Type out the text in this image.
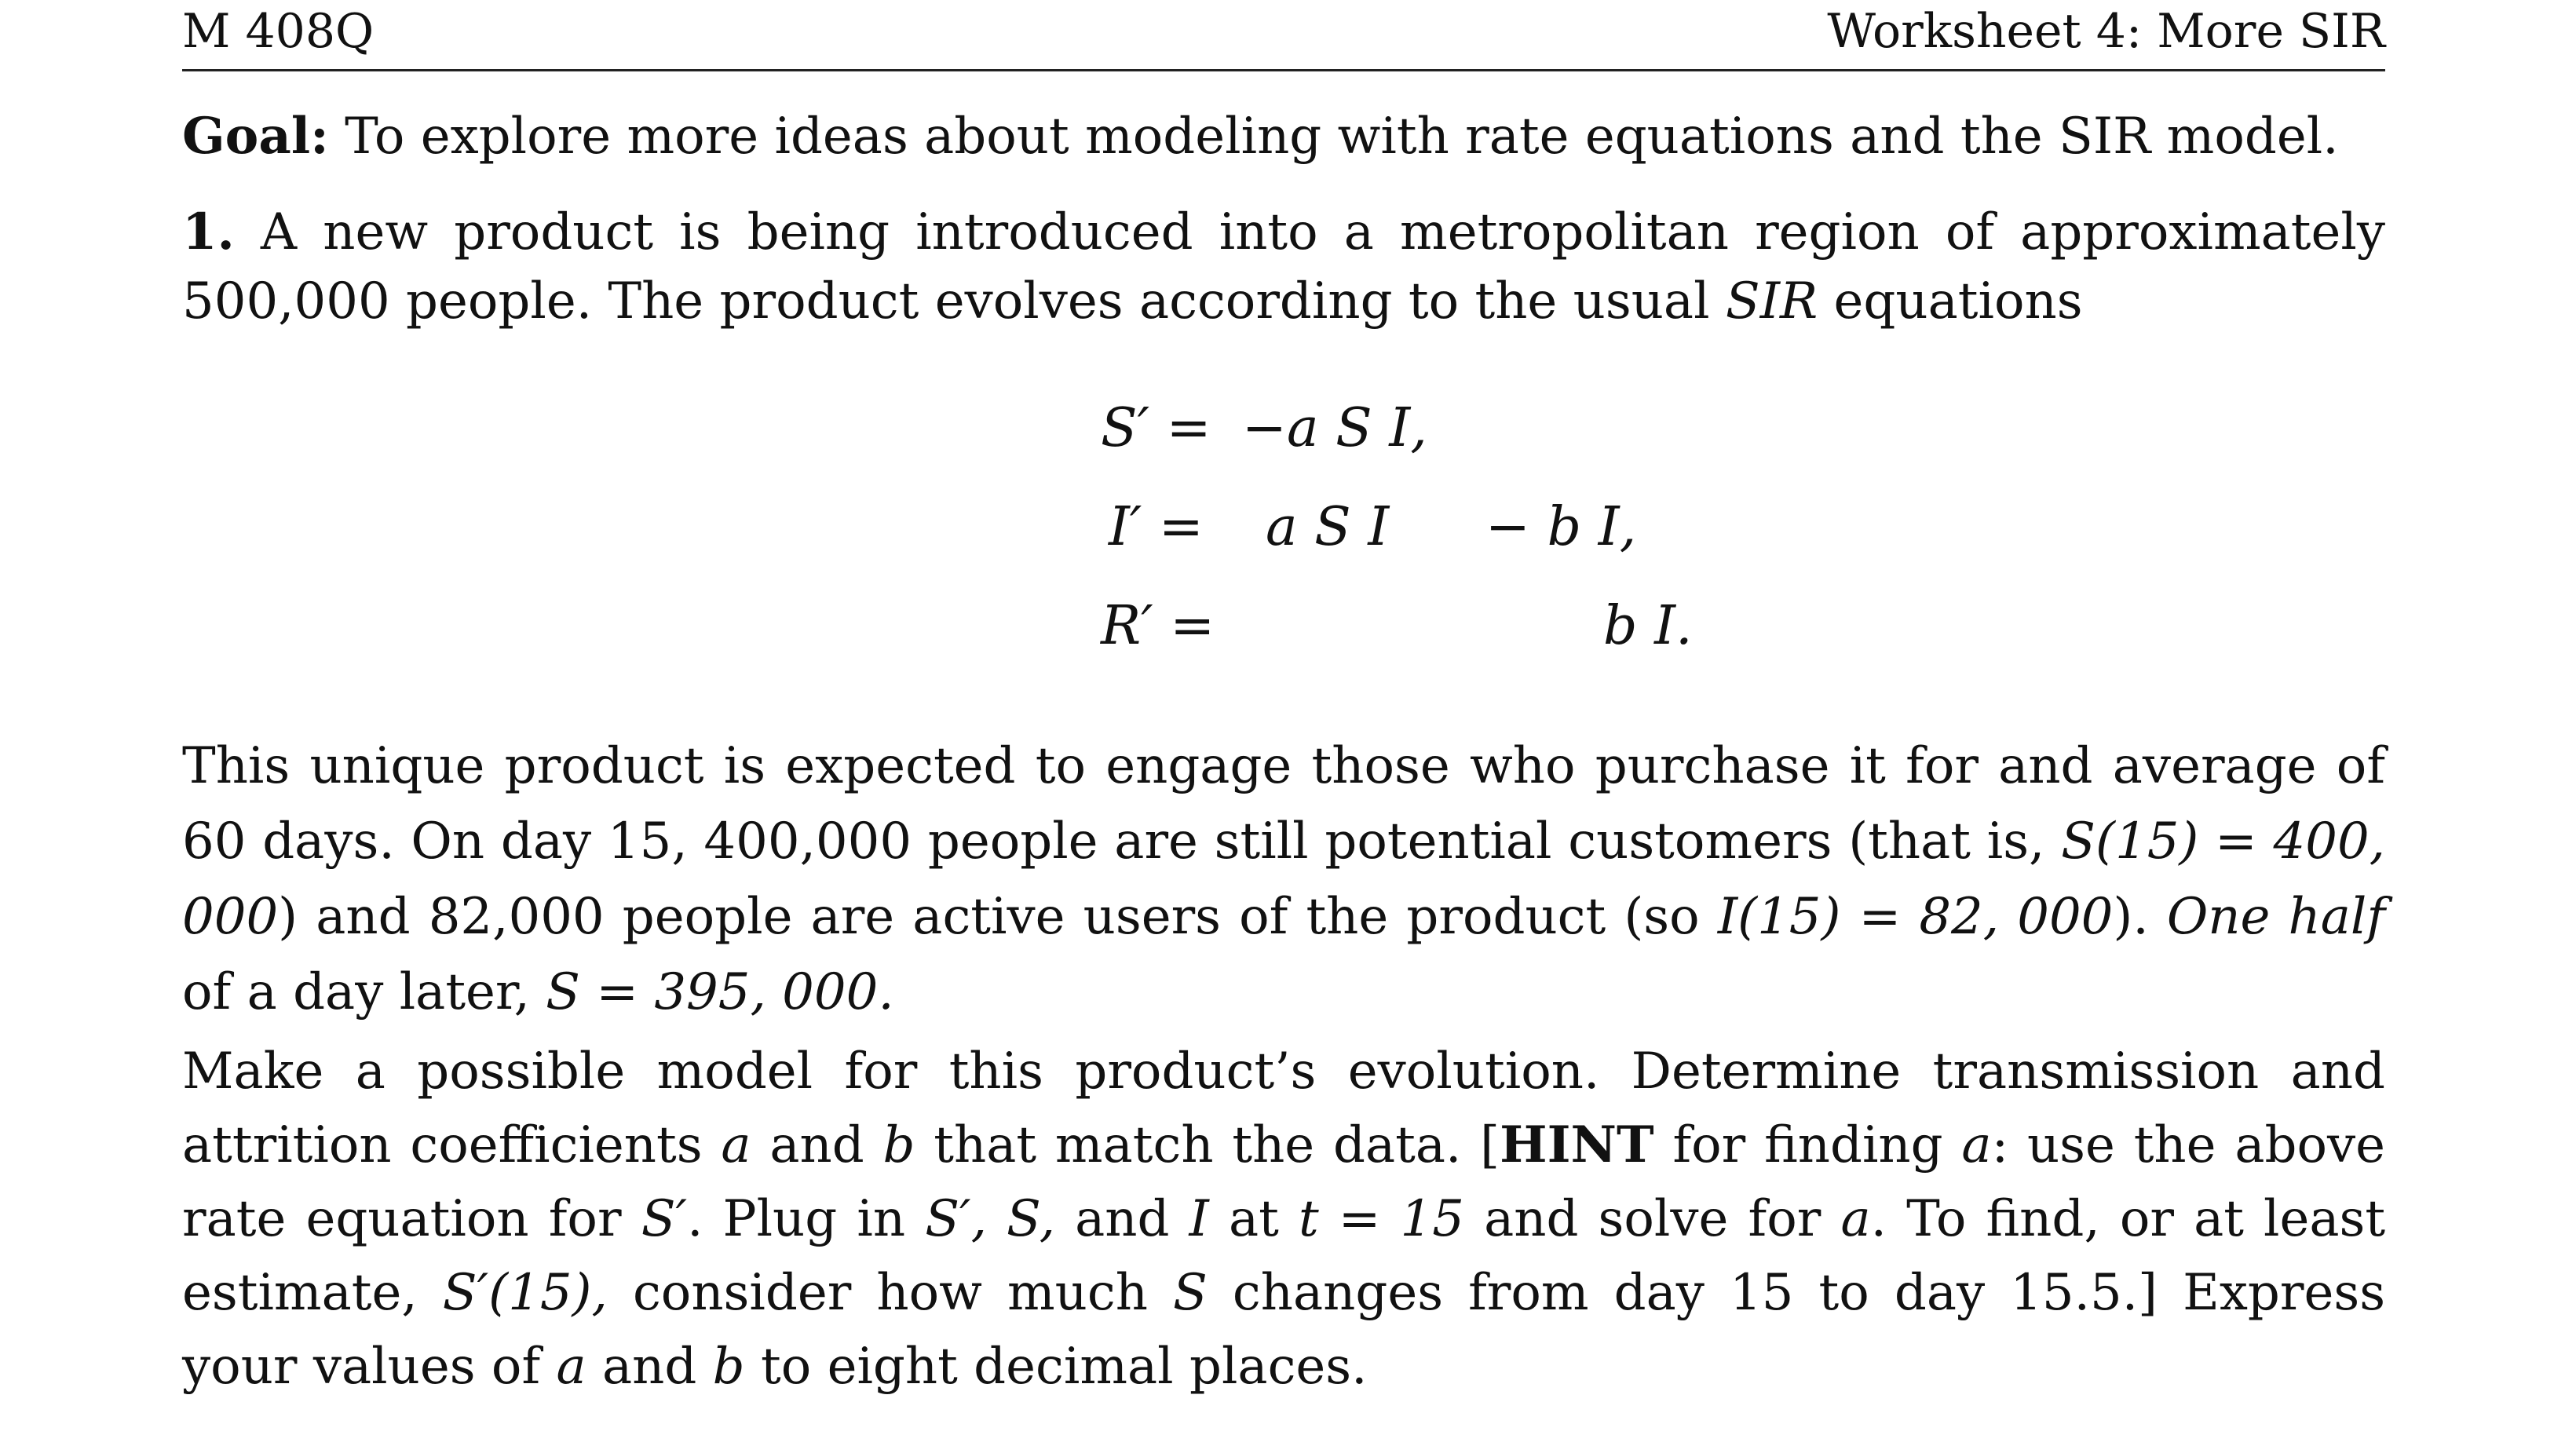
M 408Q	Worksheet 4: More SIR

Goal: To explore more ideas about modeling with rate equations and the SIR model.

1. A new product is being introduced into a metropolitan region of approximately 500,000 people. The product evolves according to the usual SIR equations

S′ = −a S I,
I′ = a S I − b I,
R′ =	b I.

This unique product is expected to engage those who purchase it for and average of 60 days. On day 15, 400,000 people are still potential customers (that is, S(15) = 400, 000) and 82,000 people are active users of the product (so I(15) = 82, 000). One half of a day later, S = 395, 000.

Make a possible model for this product’s evolution. Determine transmission and attrition coefficients a and b that match the data. [HINT for finding a: use the above rate equation for S′. Plug in S′, S, and I at t = 15 and solve for a. To find, or at least estimate, S′(15), consider how much S changes from day 15 to day 15.5.] Express your values of a and b to eight decimal places.
